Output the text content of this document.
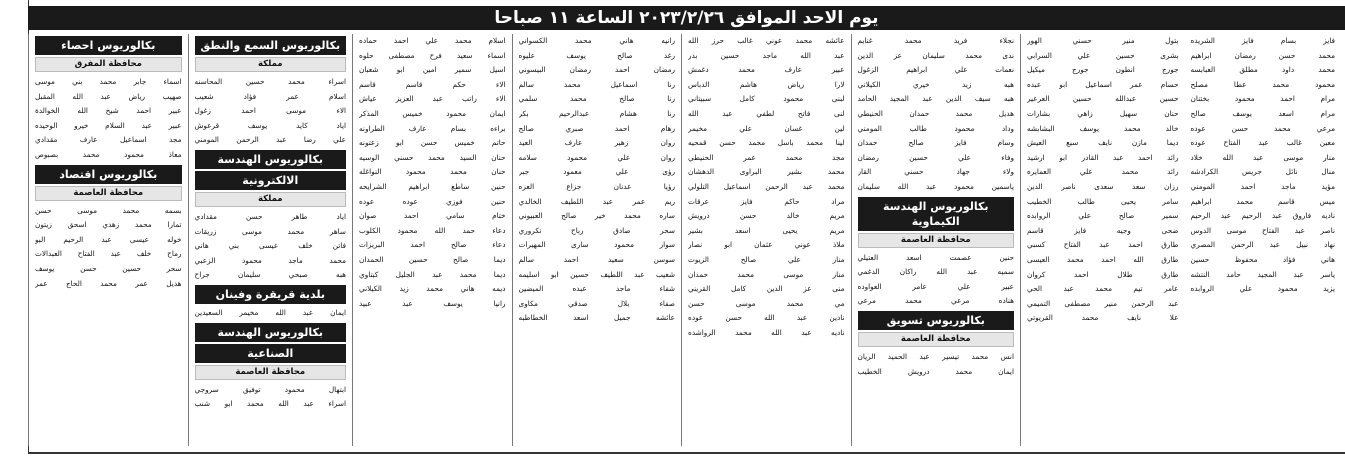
يوم الاحد الموافق ٢٠٢٣/٢/٢٦ الساعة ١١ صباحا
بكالوريوس احصاء
محافظة المفرق
اسماء جابر محمد بني موسى
صهيب رياض عبد الله المقبل
عبير احمد شيخ الله الخوالدة
عبير عبد السلام خيرو الوحيده
مجد اسماعيل عارف مقدادي
معاذ محمود محمد بصبوص
بكالوريوس اقتصاد
محافظة العاصمة
بسمه محمد موسى حسن
تمارا محمد زهدي اسحق زيتون
خوله عيسى عبد الرحيم البو
رماح خلف عبد الفتاح العبدالات
سحر حسين حسن يوسف
هديل عمر محمد الحاج عمر
بكالوريوس السمع والنطق
مملكة
اسراء محمد حسين المحاسنه
اسلام عمر فؤاد شعيب
الاء موسى احمد زغول
اياد كايد يوسف قرعوش
علي رضا عبد الرحمن المومني
بكالوريوس الهندسة
الالكترونية
مملكة
اياد طاهر حسن مقدادي
ساهر محمد موسى زريقات
فاتن خلف عيسى بني هاني
محمد ماجد محمود الزعبي
هبه صبحي سليمان جراح
بلدية قريقرة وفينان
ايمان عبد الله مخيمر السعيدين
بكالوريوس الهندسة
الصناعية
محافظة العاصمة
ابتهال محمود توفيق سروجي
اسراء عبد الله محمد ابو شنب
اسلام محمد علي احمد حماده
اسماء سعيد فرح مصطفى حلوه
اسيل سمير امين ابو شعبان
الاء حكم قاسم قاسم
الاء راتب عبد العزيز عياش
ايمان محمود خميس المذكر
براءه بسام عارف الطراونه
حاتم خميس حسن ابو زعتونه
حنان السيد محمد حسني الوسيه
حنان محمد محمود النواغله
حنين ساطع ابراهيم الشرايحه
حنين فوزي عوده عوده
ختام سامي احمد صوان
دعاء حمد الله محمود الكلوب
دعاء صالح احمد البريزات
ديما صالح حسين الحمدان
ديما محمد عبد الجليل كبتاوي
ديمه هاني محمد زيد الكيلاني
رانيا يوسف عبد عبيد
رانيه هاني محمد الكسواني
رغد صالح يوسف عليوه
رمضان احمد رمضان البيسوني
رنا اسماعيل محمد سالم
رنا صالح محمد سلمي
رنا هشام عبدالرحيم بكر
رهام احمد صبري صالح
روان زهير عارف العيد
روان علي محمود سلامه
رؤى علي معمود جبر
رؤيا عدنان جزاع العزه
ريم عمر عبد اللطيف الخالدي
ساره محمد خير صالح العبيوني
سحر صادق رباح تكروري
سوار محمود سارى المهيرات
سوسن سعيد احمد سالم
شعيب عبد اللطيف حسين ابو اسليمه
شفاء ماجد عبده الميضين
صفاء بلال صدقي مكاوى
عائشه جميل اسعد الخطاطبه
عائشه محمد عوني غالب حرز الله
عبد الله ماجد حسين بدر
عبير عارف محمد دغمش
لارا رياض هاشم الدباس
لبنى محمود كامل سبيتاني
لنى فاتح لطفي عبد الله
لين غسان علي مخيمر
لينا محمد باسل محمد حسن قمحيه
مجد محمد عمر الحنيطي
محمد بشير البراوى الدهشان
محمد عبد الرحمن اسماعيل التلولي
مراد حاكم فايز عرقات
مريم خالد حسن درويش
مريم يحيى اسعد بشير
ملاذ عوني عثمان ابو نصار
منار علي صالح الزيوت
منار موسى محمد حمدان
منى عز الدين كامل القريني
مي محمد موسى حسن
نادين عبد الله حسن عوده
ناديه عبد الله محمد الرواشده
نجلاء فريد محمد غنايم
ندى محمد سليمان عز الدين
نعمات علي ابراهيم الزغول
هبه زيد خيري الكيلاني
هبه سيف الدين عبد المجيد الحامد
هديل محمد حمدان الحنيطي
وداد محمود طالب المومني
وسام فايز صالح حمدان
وفاء علي حسين رمضان
ولاء جهاد حسني القار
ياسمين محمود عبد الله سليمان
بكالوريوس الهندسة الكيماوية
محافظة العاصمة
حنين عصمت اسعد العتيلي
سميه عبد الله راكان الدغمي
عبير علي عامر العواوده
هناده مرعي محمد مرعي
بكالوريوس تسويق
محافظة العاصمة
انس محمد تيسير عبد الحميد الريان
ايمان محمد درويش الخطيب
بتول منير حسني الهور
بشرى حسين علي السرابي
جورج انطون جورج ميكيل
حسام عمر اسماعيل ابو عبده
حسين عبدالله حسين العرعير
حنان سهيل زاهي بشارات
خالد محمد يوسف البشابشه
ديما مازن نايف سبع العيش
رائد احمد عبد القادر ابو ارشيد
رائد محمد علي العمايره
رزان سعد سعدى ناصر الدين
سامر يحيى طالب الخطيب
سمير صالح علي الروابده
ضحى وجيه فايز قاسم
طارق احمد عبد الفتاح كسبي
طارق الله احمد محمد العيسى
طارق طلال احمد كروان
عامر تيم محمد عبد الحي
عبد الرحمن منير مصطفى التميمي
علا نايف محمد القريوتي
فايز بسام فايز الشريده
محمد حسن رمضان ابراهيم
محمد داود مطلق العبابسه
محمود محمد عطا مصلح
مرام احمد محمود بختنان
مرام اسعد يوسف صالح
مرعي محمد حسن عوده
معين غالب عبد الفتاح عوده
منار موسى عبد الله خلاد
منال نائل جريس الكرادشه
مؤيد ماجد احمد المومني
ميس قاسم محمد ابراهيم
ناديه فاروق عبد الرحيم عبد الرحيم
ناصر عبد الفتاح موسى الدوس
نهاد نبيل عبد الرحمن المصري
هاني فؤاد محفوظ حسين
ياسر عبد المجيد حامد النتشه
يزيد محمود علي الروابده
